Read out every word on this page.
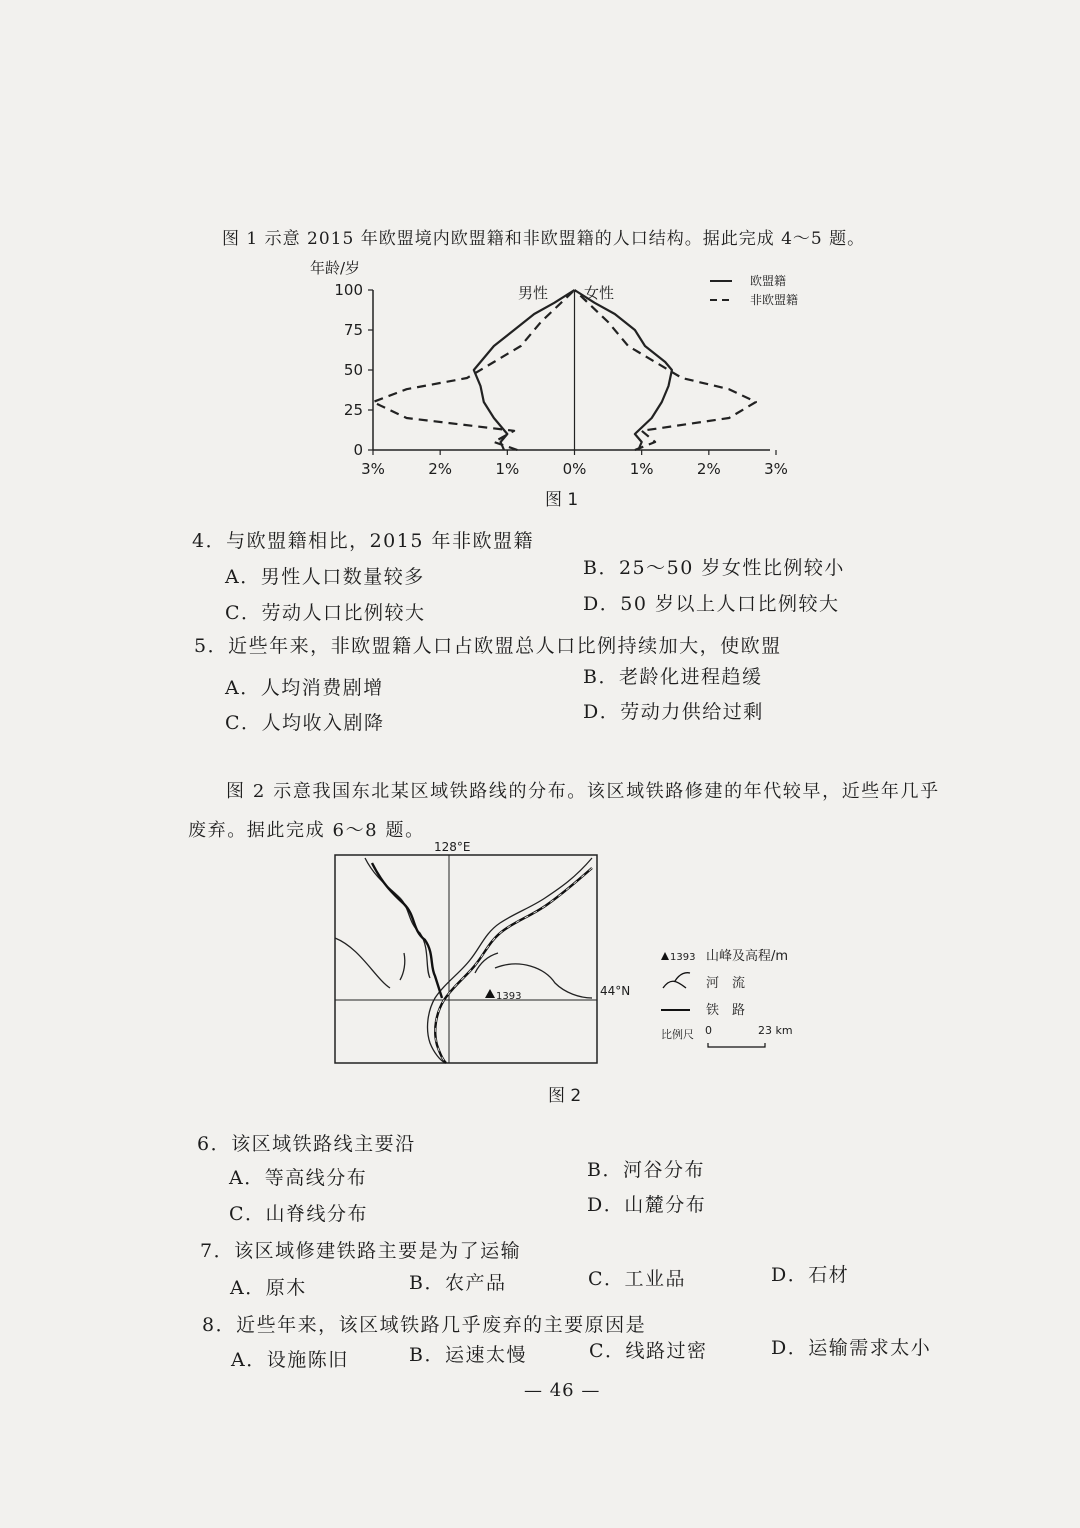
图 1 示意 2015 年欧盟境内欧盟籍和非欧盟籍的人口结构。据此完成 4～5 题。
年龄/岁
100
75
50
25
0
3%	2%	1%	0%	1%	2%	3%
男性 女性
欧盟籍
非欧盟籍
图 1
4．与欧盟籍相比，2015 年非欧盟籍
A．男性人口数量较多	B．25～50 岁女性比例较小
C．劳动人口比例较大	D．50 岁以上人口比例较大
5．近些年来，非欧盟籍人口占欧盟总人口比例持续加大，使欧盟
A．人均消费剧增	B．老龄化进程趋缓
C．人均收入剧降	D．劳动力供给过剩
图 2 示意我国东北某区域铁路线的分布。该区域铁路修建的年代较早，近些年几乎
废弃。据此完成 6～8 题。
128°E
44°N
1393
1393 山峰及高程/m
河　流
铁　路
比例尺 0	23 km
图 2
6．该区域铁路线主要沿
A．等高线分布	B．河谷分布
C．山脊线分布	D．山麓分布
7．该区域修建铁路主要是为了运输
A．原木	B．农产品	C．工业品	D．石材
8．近些年来，该区域铁路几乎废弃的主要原因是
A．设施陈旧	B．运速太慢	C．线路过密	D．运输需求太小
— 46 —
